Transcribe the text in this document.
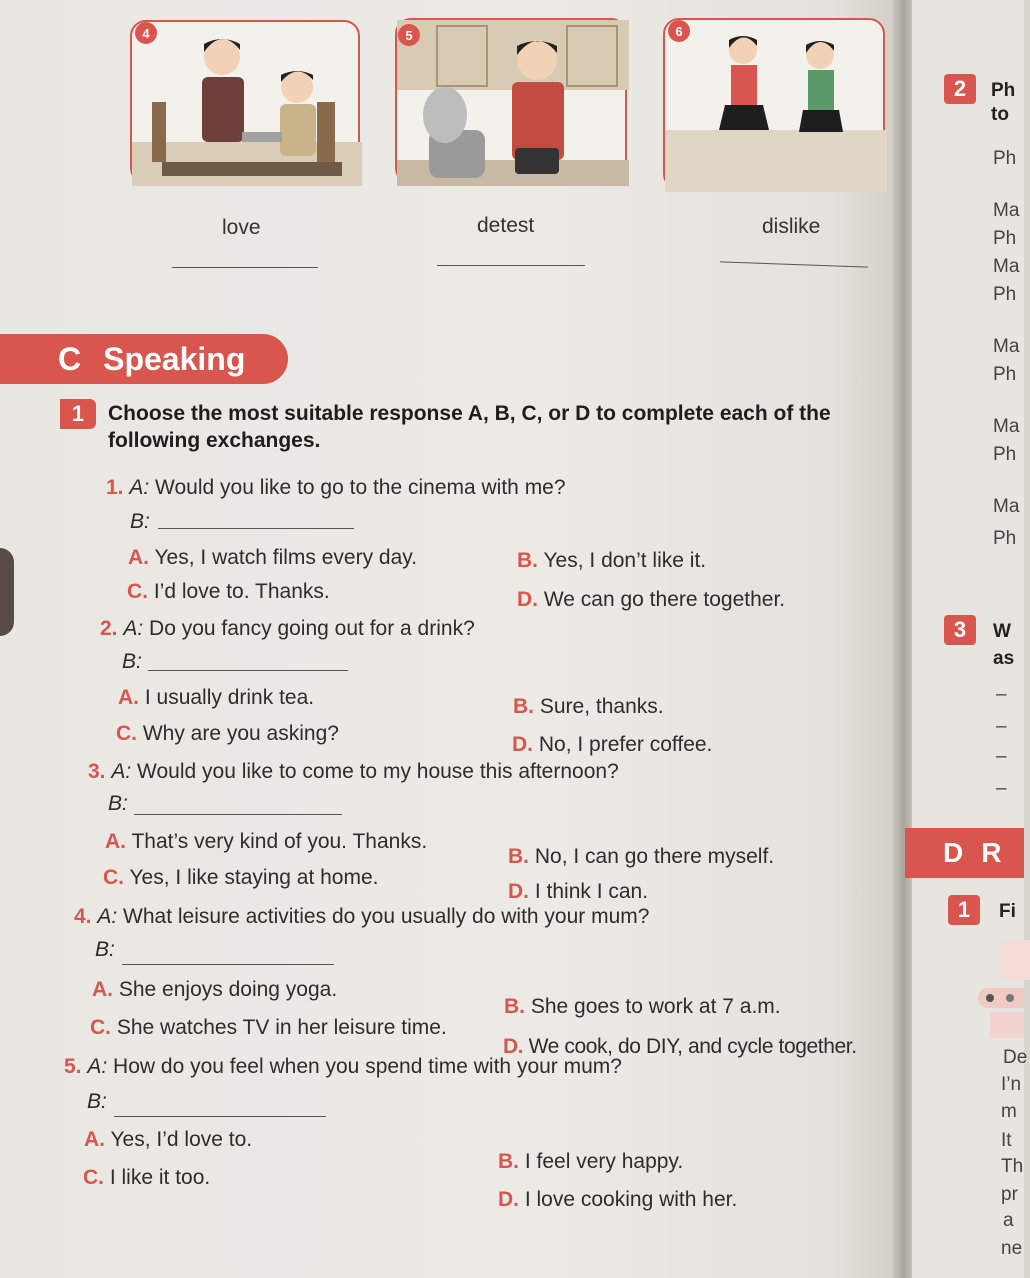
4	5	6
love	detest	dislike
C Speaking
1	Choose the most suitable response A, B, C, or D to complete each of the following exchanges.
1. A: Would you like to go to the cinema with me?
B:
A. Yes, I watch films every day.	B. Yes, I don’t like it.
C. I’d love to. Thanks.	D. We can go there together.
2. A: Do you fancy going out for a drink?
B:
A. I usually drink tea.	B. Sure, thanks.
C. Why are you asking?	D. No, I prefer coffee.
3. A: Would you like to come to my house this afternoon?
B:
A. That’s very kind of you. Thanks.
B. No, I can go there myself.
C. Yes, I like staying at home.
D. I think I can.
4. A: What leisure activities do you usually do with your mum?
B:
A. She enjoys doing yoga.
B. She goes to work at 7 a.m.
C. She watches TV in her leisure time.
D. We cook, do DIY, and cycle together.
5. A: How do you feel when you spend time with your mum?
B:
A. Yes, I’d love to.
B. I feel very happy.
C. I like it too.
D. I love cooking with her.
2	Ph
to
Ph
Ma
Ph
Ma
Ph
Ma
Ph
Ma
Ph
Ma
Ph
3	W
as
–
–
–
–
D R
1	Fi
De
I’n
m
It
Th
pr
a
ne
